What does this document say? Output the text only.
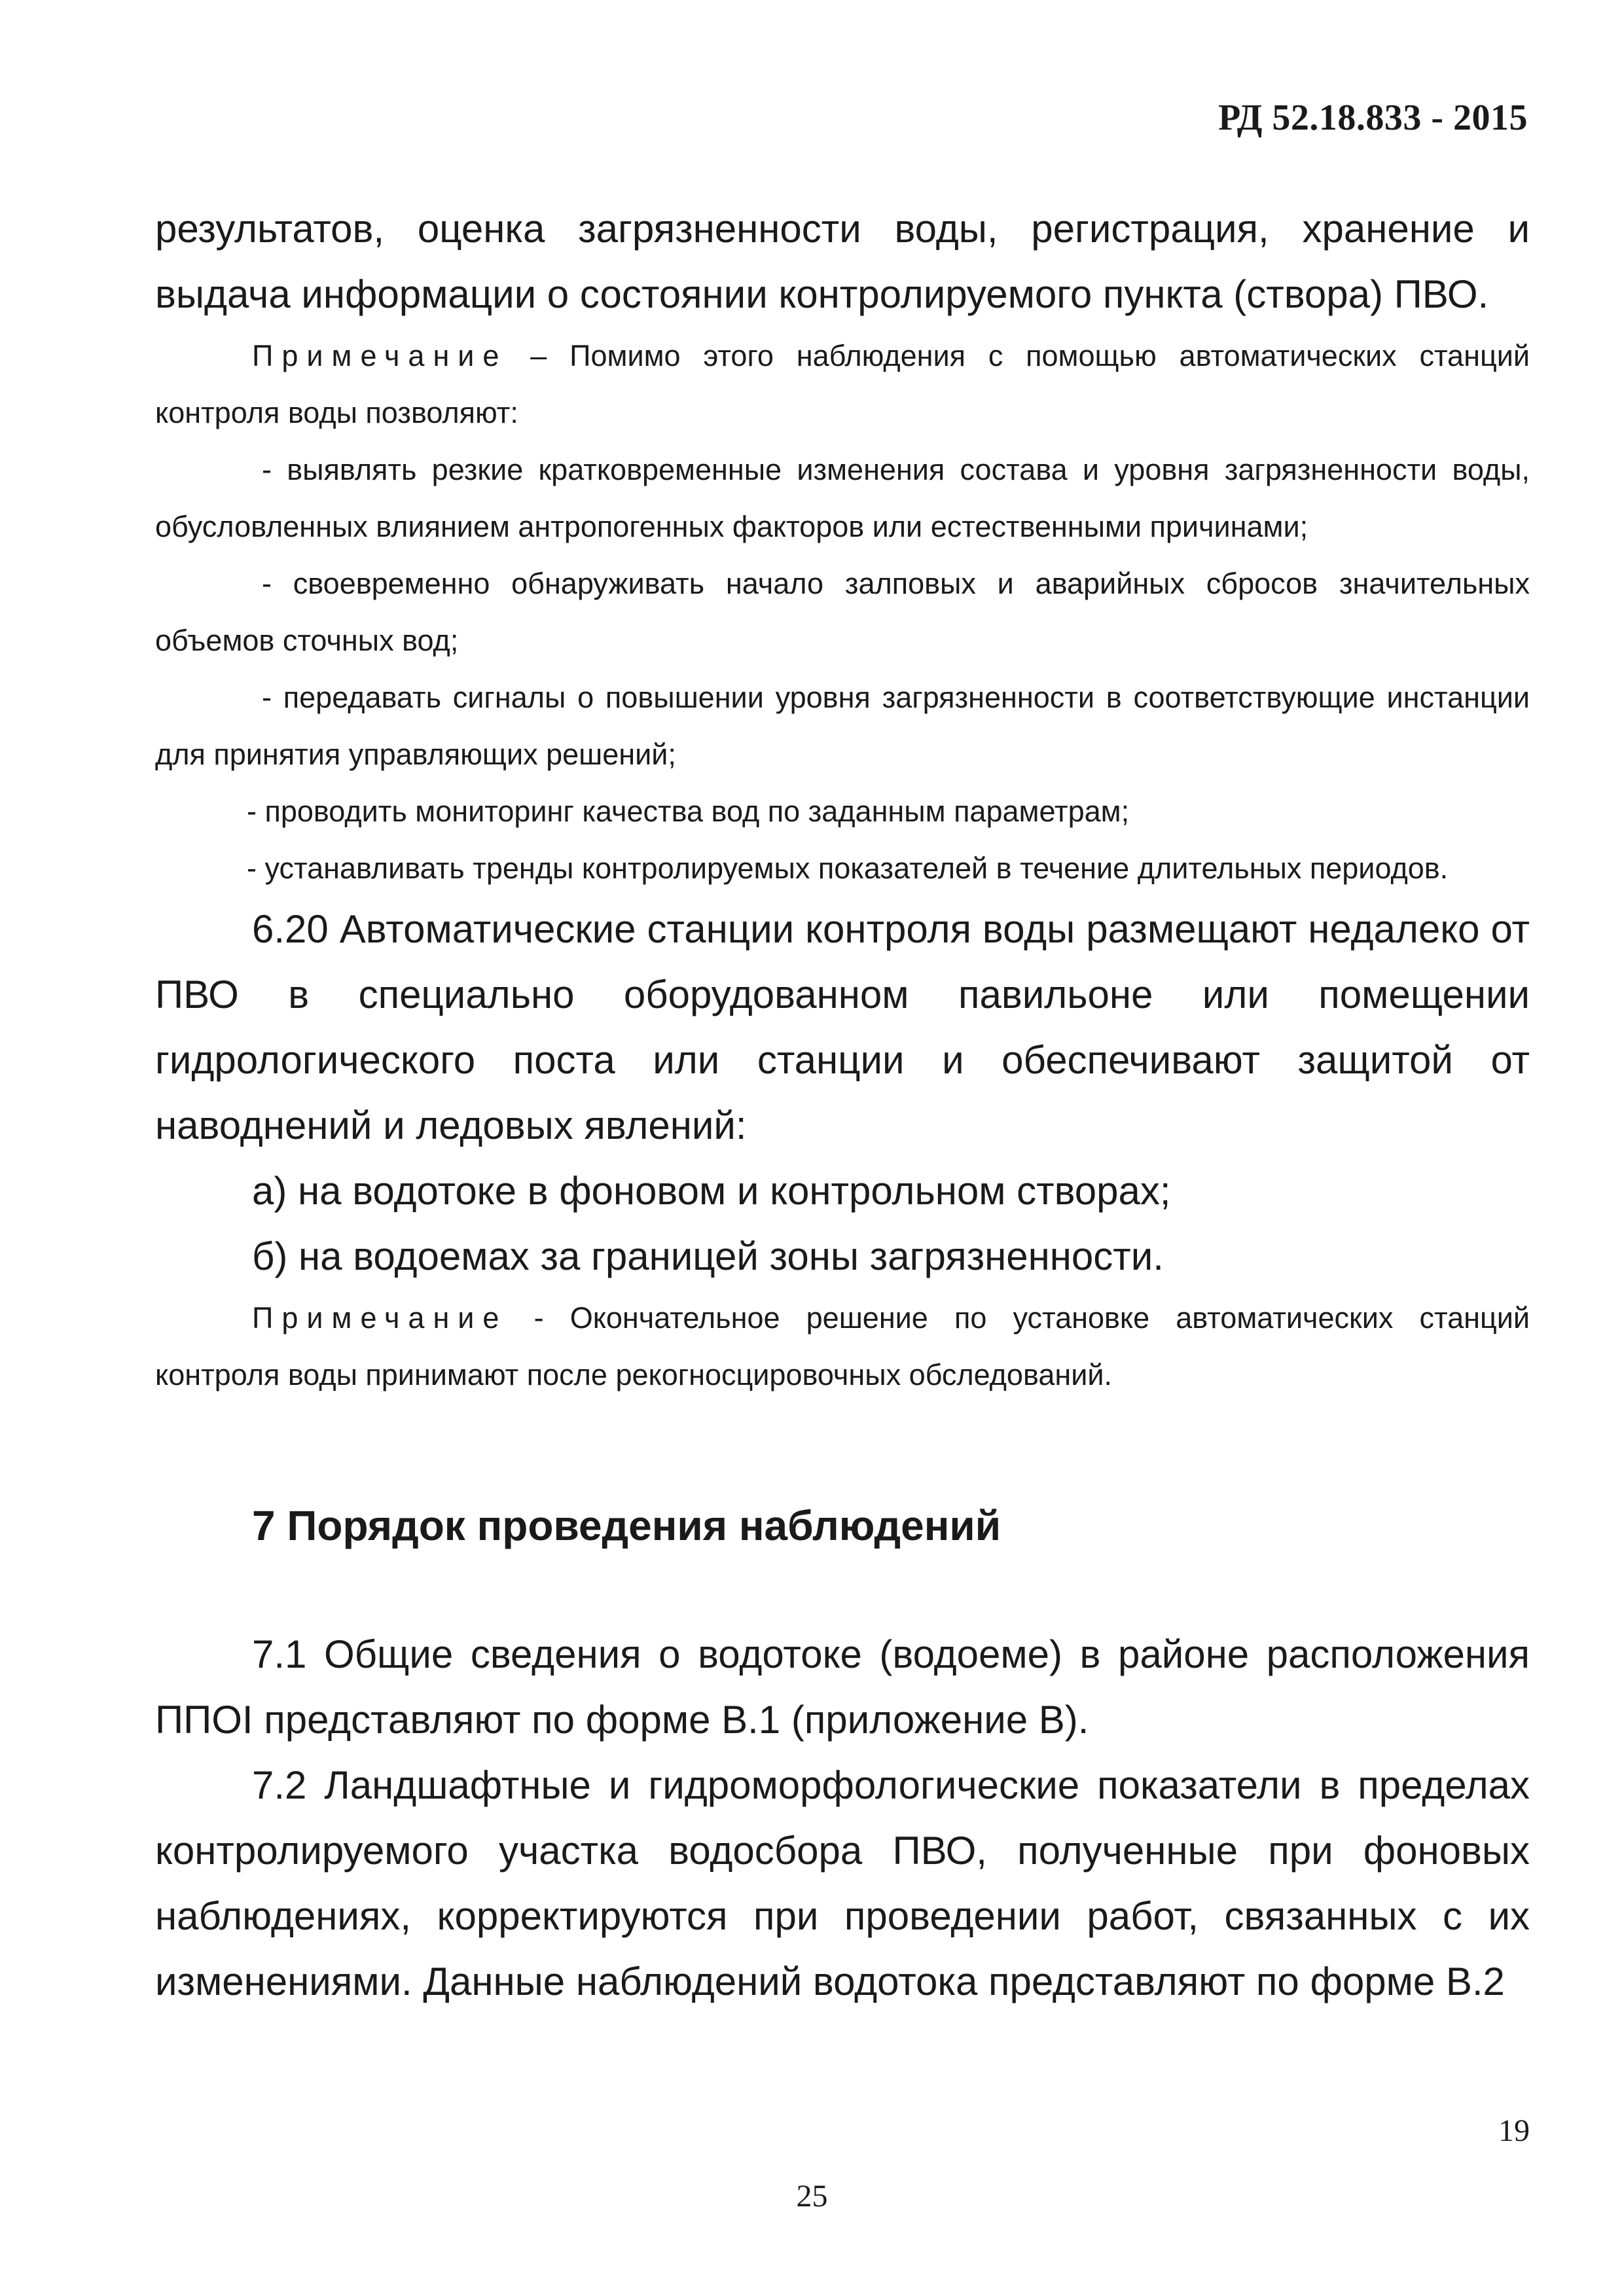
РД 52.18.833 - 2015

результатов, оценка загрязненности воды, регистрация, хранение и выдача информации о состоянии контролируемого пункта (створа) ПВО.

Примечание – Помимо этого наблюдения с помощью автоматических станций контроля воды позволяют:

- выявлять резкие кратковременные изменения состава и уровня загрязненности воды, обусловленных влиянием антропогенных факторов или естественными причинами;

- своевременно обнаруживать начало залповых и аварийных сбросов значительных объемов сточных вод;

- передавать сигналы о повышении уровня загрязненности в соответствующие инстанции для принятия управляющих решений;

- проводить мониторинг качества вод по заданным параметрам;

- устанавливать тренды контролируемых показателей в течение длительных периодов.

6.20 Автоматические станции контроля воды размещают недалеко от ПВО в специально оборудованном павильоне или помещении гидрологического поста или станции и обеспечивают защитой от наводнений и ледовых явлений:

а) на водотоке в фоновом и контрольном створах;

б) на водоемах за границей зоны загрязненности.

Примечание - Окончательное решение по установке автоматических станций контроля воды принимают после рекогносцировочных обследований.

7 Порядок проведения наблюдений

7.1 Общие сведения о водотоке (водоеме) в районе расположения ППОI представляют по форме В.1 (приложение В).

7.2 Ландшафтные и гидроморфологические показатели в пределах контролируемого участка водосбора ПВО, полученные при фоновых наблюдениях, корректируются при проведении работ, связанных с их изменениями. Данные наблюдений водотока представляют по форме В.2

19
25
